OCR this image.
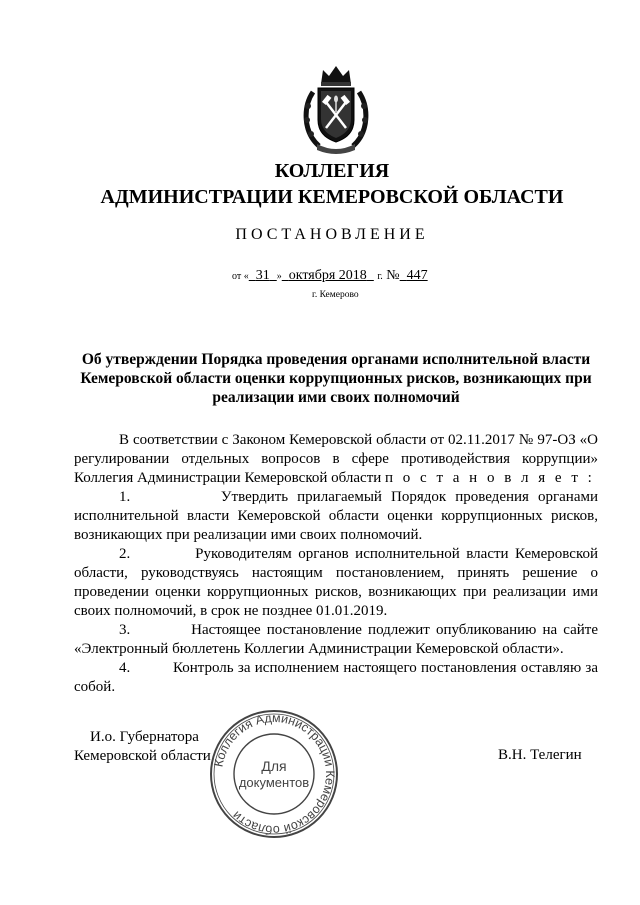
КОЛЛЕГИЯ
АДМИНИСТРАЦИИ КЕМЕРОВСКОЙ ОБЛАСТИ
ПОСТАНОВЛЕНИЕ
от « 31 » октября 2018 г. № 447
г. Кемерово
Об утверждении Порядка проведения органами исполнительной власти Кемеровской области оценки коррупционных рисков, возникающих при реализации ими своих полномочий

В соответствии с Законом Кемеровской области от 02.11.2017 № 97-ОЗ «О регулировании отдельных вопросов в сфере противодействия коррупции» Коллегия Администрации Кемеровской области п о с т а н о в л я е т :

1.	Утвердить прилагаемый Порядок проведения органами исполнительной власти Кемеровской области оценки коррупционных рисков, возникающих при реализации ими своих полномочий.

2.	Руководителям органов исполнительной власти Кемеровской области, руководствуясь настоящим постановлением, принять решение о проведении оценки коррупционных рисков, возникающих при реализации ими своих полномочий, в срок не позднее 01.01.2019.

3.	Настоящее постановление подлежит опубликованию на сайте «Электронный бюллетень Коллегии Администрации Кемеровской области».

4.	Контроль за исполнением настоящего постановления оставляю за собой.

И.о. Губернатора
Кемеровской области	В.Н. Телегин
Коллегия Администрации Кемеровской области
Для
документов
